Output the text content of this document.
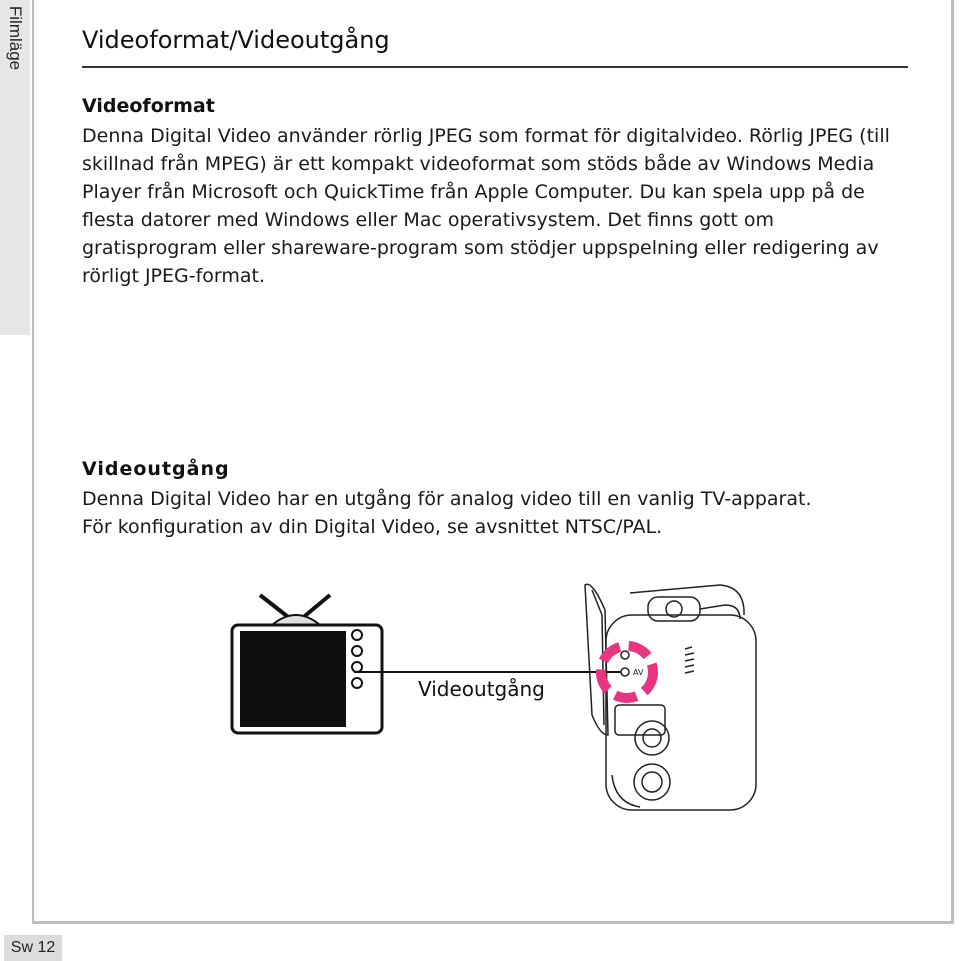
Filmläge Videoformat/Videoutgång
Videoformat

Denna Digital Video använder rörlig JPEG som format för digitalvideo. Rörlig JPEG (till skillnad från MPEG) är ett kompakt videoformat som stöds både av Windows Media Player från Microsoft och QuickTime från Apple Computer. Du kan spela upp på de flesta datorer med Windows eller Mac operativsystem. Det finns gott om gratisprogram eller shareware-program som stödjer uppspelning eller redigering av rörligt JPEG-format.

Videoutgång

Denna Digital Video har en utgång för analog video till en vanlig TV-apparat. För konfiguration av din Digital Video, se avsnittet NTSC/PAL.

AV
Videoutgång
Sw 12
